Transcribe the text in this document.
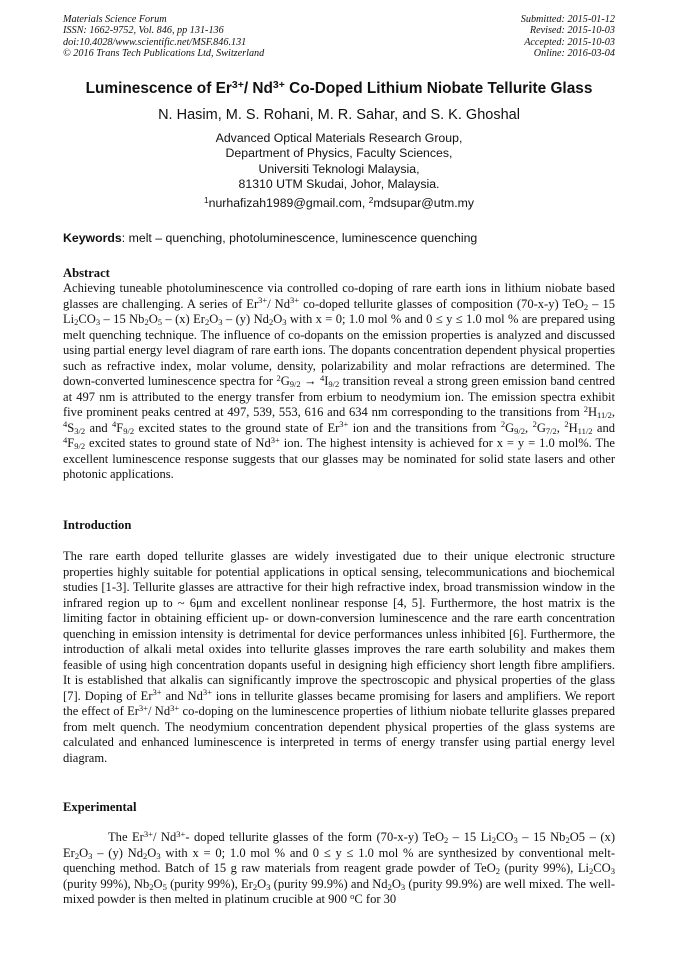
Materials Science Forum
ISSN: 1662-9752, Vol. 846, pp 131-136
doi:10.4028/www.scientific.net/MSF.846.131
© 2016 Trans Tech Publications Ltd, Switzerland
Submitted: 2015-01-12
Revised: 2015-10-03
Accepted: 2015-10-03
Online: 2016-03-04
Luminescence of $Er^{3+}/$ $Nd^{3+}$ Co-Doped Lithium Niobate Tellurite Glass
N. Hasim, M. S. Rohani, M. R. Sahar, and S. K. Ghoshal
Advanced Optical Materials Research Group,
Department of Physics, Faculty Sciences,
Universiti Teknologi Malaysia,
81310 UTM Skudai, Johor, Malaysia.
$^1$nurhafizah1989@gmail.com, $^2$mdsupar@utm.my
Keywords: melt – quenching, photoluminescence, luminescence quenching
Abstract
Achieving tuneable photoluminescence via controlled co-doping of rare earth ions in lithium niobate based glasses are challenging. A series of $Er^{3+}/$ $Nd^{3+}$ co-doped tellurite glasses of composition (70-x-y) TeO$_2$ – 15 $Li_2CO_3 - 15$ $Nb_2O_5 - (x)$ $Er_2O_3 - (y)$ $Nd_2O_3$ with x = 0; 1.0 mol % and 0 ≤ y ≤ 1.0 mol % are prepared using melt quenching technique. The influence of co-dopants on the emission properties is analyzed and discussed using partial energy level diagram of rare earth ions. The dopants concentration dependent physical properties such as refractive index, molar volume, density, polarizability and molar refractions are determined. The down-converted luminescence spectra for $^2G_{9/2} \to ^4I_{9/2}$ transition reveal a strong green emission band centred at 497 nm is attributed to the energy transfer from erbium to neodymium ion. The emission spectra exhibit five prominent peaks centred at 497, 539, 553, 616 and 634 nm corresponding to the transitions from $^2H_{11/2}$, $^4S_{3/2}$ and $^4F_{9/2}$ excited states to the ground state of $Er^{3+}$ ion and the transitions from $^2G_{9/2}$, $^2G_{7/2}$, $^2H_{11/2}$ and $^4F_{9/2}$ excited states to ground state of $Nd^{3+}$ ion. The highest intensity is achieved for x = y = 1.0 mol%. The excellent luminescence response suggests that our glasses may be nominated for solid state lasers and other photonic applications.
Introduction
The rare earth doped tellurite glasses are widely investigated due to their unique electronic structure properties highly suitable for potential applications in optical sensing, telecommunications and biochemical studies [1-3]. Tellurite glasses are attractive for their high refractive index, broad transmission window in the infrared region up to ~ 6μm and excellent nonlinear response [4, 5]. Furthermore, the host matrix is the limiting factor in obtaining efficient up- or down-conversion luminescence and the rare earth concentration quenching in emission intensity is detrimental for device performances unless inhibited [6]. Furthermore, the introduction of alkali metal oxides into tellurite glasses improves the rare earth solubility and makes them feasible of using high concentration dopants useful in designing high efficiency short length fibre amplifiers. It is established that alkalis can significantly improve the spectroscopic and physical properties of the glass [7]. Doping of $Er^{3+}$ and $Nd^{3+}$ ions in tellurite glasses became promising for lasers and amplifiers. We report the effect of $Er^{3+}/$ $Nd^{3+}$ co-doping on the luminescence properties of lithium niobate tellurite glasses prepared from melt quench. The neodymium concentration dependent physical properties of the glass systems are calculated and enhanced luminescence is interpreted in terms of energy transfer using partial energy level diagram.
Experimental
The $Er^{3+}/$ $Nd^{3+}-$ doped tellurite glasses of the form (70-x-y) TeO$_2$ – 15 $Li_2CO_3 - 15$ $Nb_2O5 - (x)$ $Er_2O_3 - (y)$ $Nd_2O_3$ with x = 0; 1.0 mol % and 0 ≤ y ≤ 1.0 mol % are synthesized by conventional melt-quenching method. Batch of 15 g raw materials from reagent grade powder of TeO$_2$ (purity 99%), $Li_2CO_3$ (purity 99%), $Nb_2O_5$ (purity 99%), $Er_2O_3$ (purity 99.9%) and $Nd_2O_3$ (purity 99.9%) are well mixed. The well-mixed powder is then melted in platinum crucible at 900 $^o$C for 30
